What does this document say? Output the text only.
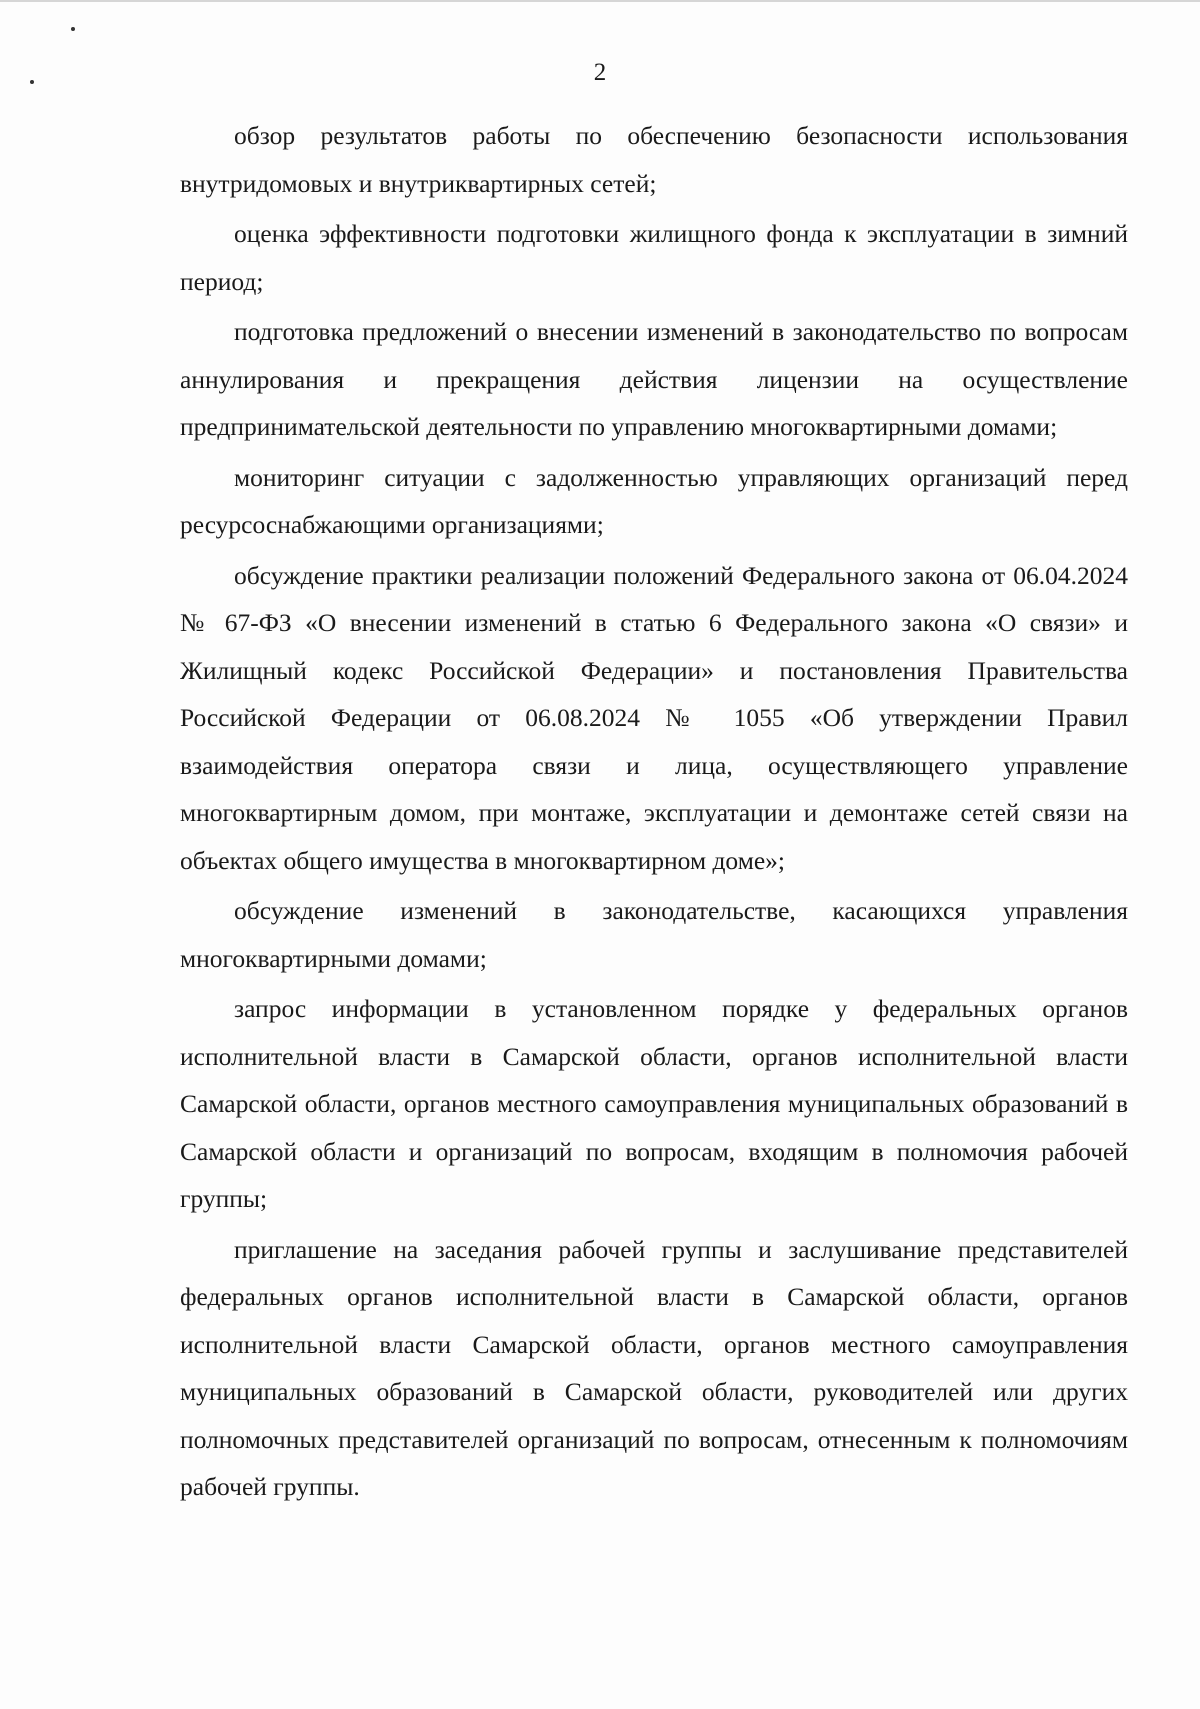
2

обзор результатов работы по обеспечению безопасности использования внутридомовых и внутриквартирных сетей;

оценка эффективности подготовки жилищного фонда к эксплуатации в зимний период;

подготовка предложений о внесении изменений в законодательство по вопросам аннулирования и прекращения действия лицензии на осуществление предпринимательской деятельности по управлению многоквартирными домами;

мониторинг ситуации с задолженностью управляющих организаций перед ресурсоснабжающими организациями;

обсуждение практики реализации положений Федерального закона от 06.04.2024 № 67-ФЗ «О внесении изменений в статью 6 Федерального закона «О связи» и Жилищный кодекс Российской Федерации» и постановления Правительства Российской Федерации от 06.08.2024 № 1055 «Об утверждении Правил взаимодействия оператора связи и лица, осуществляющего управление многоквартирным домом, при монтаже, эксплуатации и демонтаже сетей связи на объектах общего имущества в многоквартирном доме»;

обсуждение изменений в законодательстве, касающихся управления многоквартирными домами;

запрос информации в установленном порядке у федеральных органов исполнительной власти в Самарской области, органов исполнительной власти Самарской области, органов местного самоуправления муниципальных образований в Самарской области и организаций по вопросам, входящим в полномочия рабочей группы;

приглашение на заседания рабочей группы и заслушивание представителей федеральных органов исполнительной власти в Самарской области, органов исполнительной власти Самарской области, органов местного самоуправления муниципальных образований в Самарской области, руководителей или других полномочных представителей организаций по вопросам, отнесенным к полномочиям рабочей группы.
